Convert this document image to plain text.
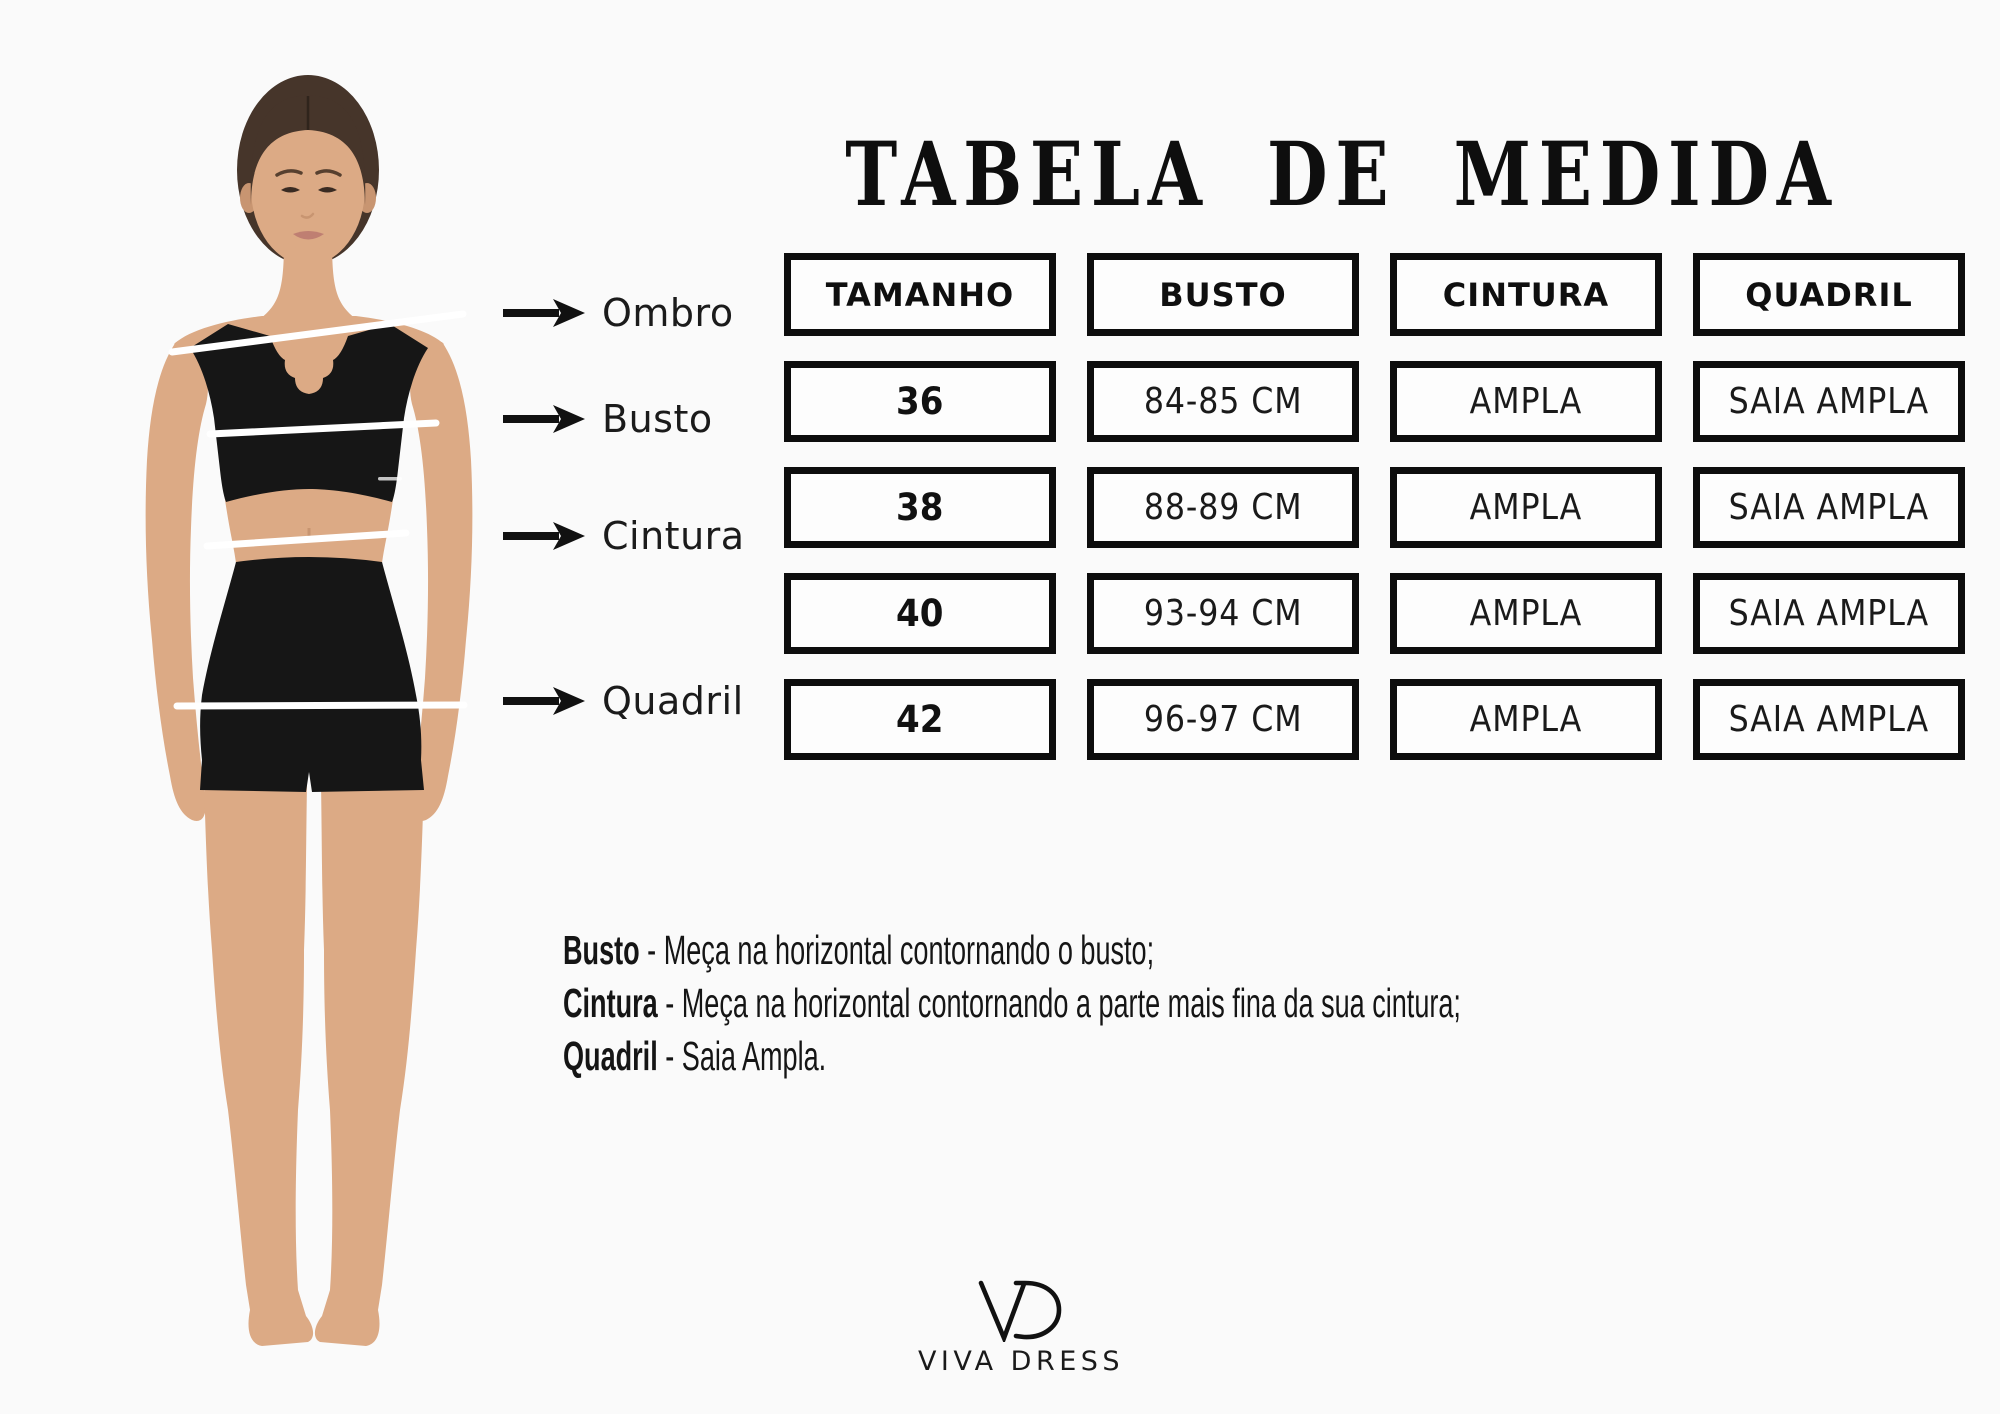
Ombro
Busto
Cintura
Quadril
TABELA DE MEDIDA
TAMANHO	BUSTO	CINTURA	QUADRIL
36	84-85 CM	AMPLA	SAIA AMPLA
38	88-89 CM	AMPLA	SAIA AMPLA
40	93-94 CM	AMPLA	SAIA AMPLA
42	96-97 CM	AMPLA	SAIA AMPLA
Busto - Meça na horizontal contornando o busto;
Cintura - Meça na horizontal contornando a parte mais fina da sua cintura;
Quadril - Saia Ampla.
VIVA DRESS
